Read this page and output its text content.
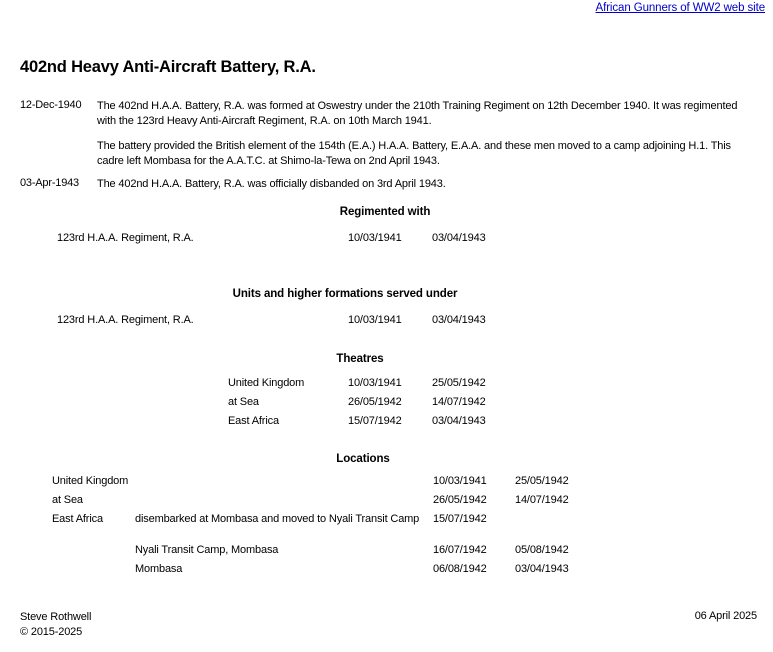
African Gunners of WW2 web site
402nd Heavy Anti-Aircraft Battery, R.A.
12-Dec-1940	The 402nd H.A.A. Battery, R.A. was formed at Oswestry under the 210th Training Regiment on 12th December 1940. It was regimented with the 123rd Heavy Anti-Aircraft Regiment, R.A. on 10th March 1941.

The battery provided the British element of the 154th (E.A.) H.A.A. Battery, E.A.A. and these men moved to a camp adjoining H.1. This cadre left Mombasa for the A.A.T.C. at Shimo-la-Tewa on 2nd April 1943.

03-Apr-1943	The 402nd H.A.A. Battery, R.A. was officially disbanded on 3rd April 1943.

Regimented with
123rd H.A.A. Regiment, R.A.	10/03/1941	03/04/1943
Units and higher formations served under
123rd H.A.A. Regiment, R.A.	10/03/1941	03/04/1943
Theatres
United Kingdom	10/03/1941	25/05/1942
at Sea	26/05/1942	14/07/1942
East Africa	15/07/1942	03/04/1943
Locations
United Kingdom	10/03/1941	25/05/1942
at Sea	26/05/1942	14/07/1942
East Africa	disembarked at Mombasa and moved to Nyali Transit Camp 15/07/1942
Nyali Transit Camp, Mombasa	16/07/1942	05/08/1942
Mombasa	06/08/1942	03/04/1943
Steve Rothwell
© 2015-2025
06 April 2025
